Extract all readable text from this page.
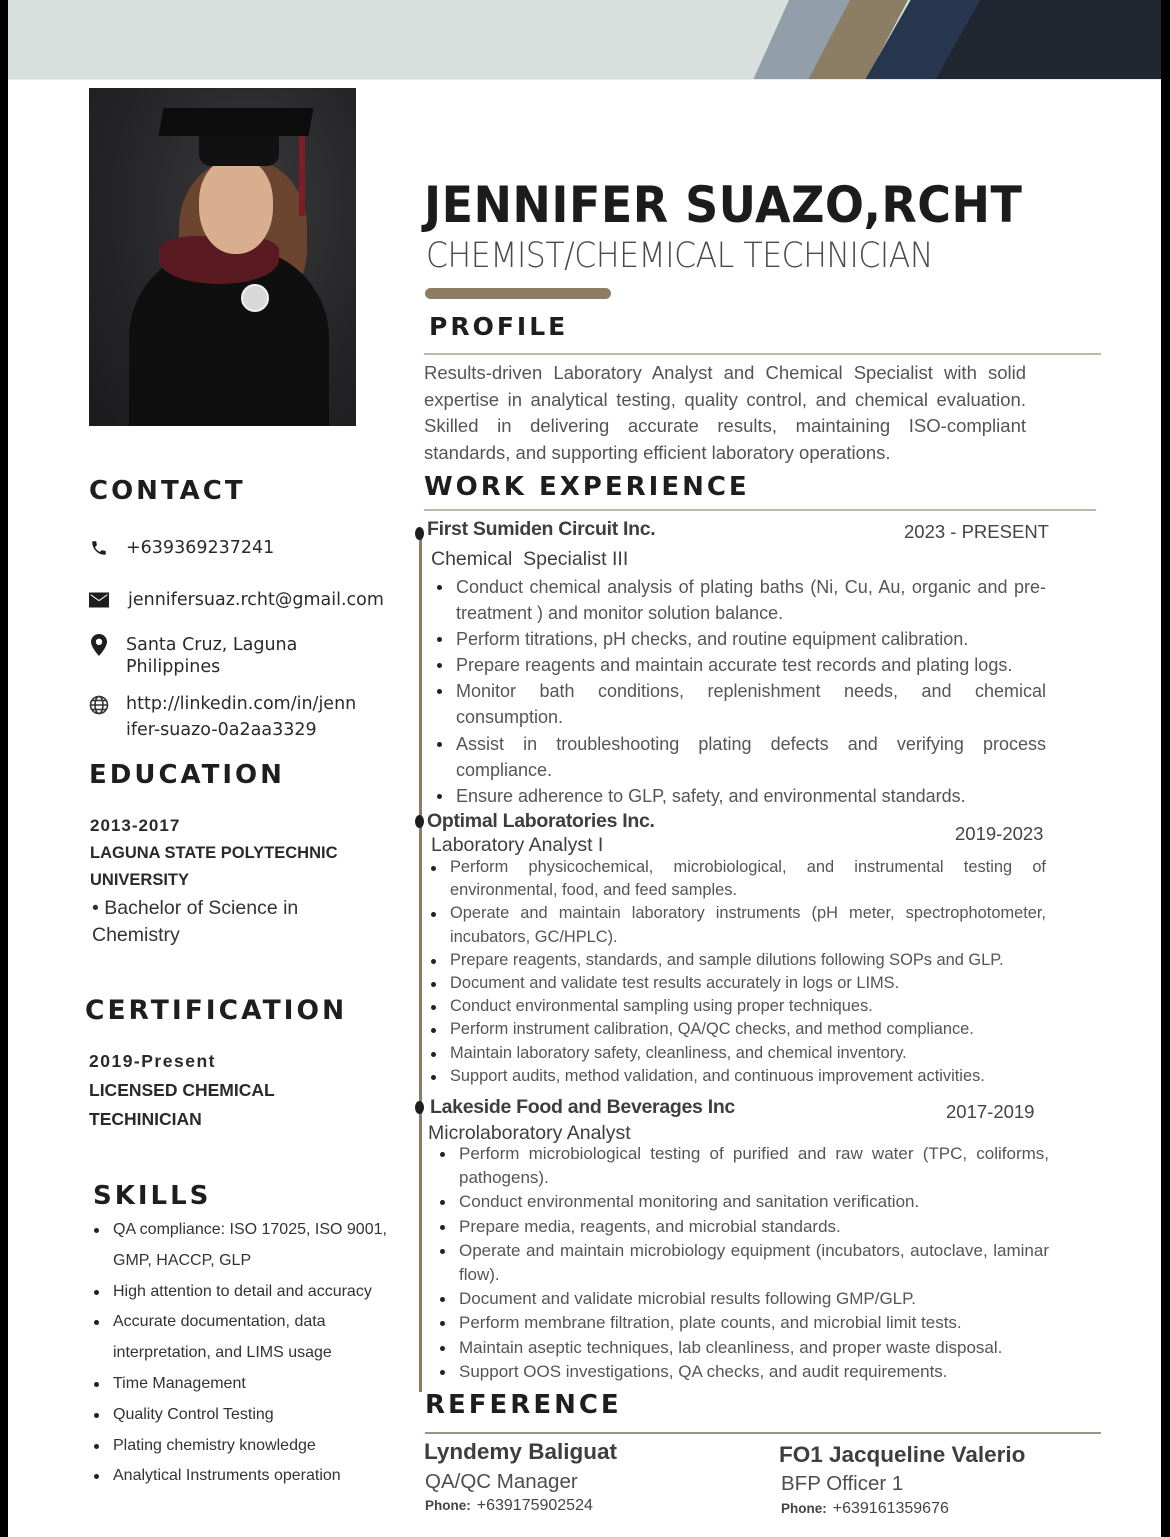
JENNIFER SUAZO,RCHT
CHEMIST/CHEMICAL TECHNICIAN
PROFILE
Results-driven Laboratory Analyst and Chemical Specialist with solid expertise in analytical testing, quality control, and chemical evaluation. Skilled in delivering accurate results, maintaining ISO-compliant standards, and supporting efficient laboratory operations.
CONTACT
+639369237241
jennifersuaz.rcht@gmail.com
Santa Cruz, Laguna
Philippines
http://linkedin.com/in/jenn
ifer-suazo-0a2aa3329
EDUCATION
2013-2017
LAGUNA STATE POLYTECHNIC UNIVERSITY
• Bachelor of Science in Chemistry
CERTIFICATION
2019-Present
LICENSED CHEMICAL TECHINICIAN
SKILLS
QA compliance: ISO 17025, ISO 9001, GMP, HACCP, GLP
High attention to detail and accuracy
Accurate documentation, data interpretation, and LIMS usage
Time Management
Quality Control Testing
Plating chemistry knowledge
Analytical Instruments operation
WORK EXPERIENCE
First Sumiden Circuit Inc.	2023 - PRESENT
Chemical  Specialist III
Conduct chemical analysis of plating baths (Ni, Cu, Au, organic and pre-treatment ) and monitor solution balance.
Perform titrations, pH checks, and routine equipment calibration.
Prepare reagents and maintain accurate test records and plating logs.
Monitor bath conditions, replenishment needs, and chemical consumption.
Assist in troubleshooting plating defects and verifying process compliance.
Ensure adherence to GLP, safety, and environmental standards.
Optimal Laboratories Inc.
2019-2023
Laboratory Analyst I
Perform physicochemical, microbiological, and instrumental testing of environmental, food, and feed samples.
Operate and maintain laboratory instruments (pH meter, spectrophotometer, incubators, GC/HPLC).
Prepare reagents, standards, and sample dilutions following SOPs and GLP.
Document and validate test results accurately in logs or LIMS.
Conduct environmental sampling using proper techniques.
Perform instrument calibration, QA/QC checks, and method compliance.
Maintain laboratory safety, cleanliness, and chemical inventory.
Support audits, method validation, and continuous improvement activities.
Lakeside Food and Beverages Inc	2017-2019
Microlaboratory Analyst
Perform microbiological testing of purified and raw water (TPC, coliforms, pathogens).
Conduct environmental monitoring and sanitation verification.
Prepare media, reagents, and microbial standards.
Operate and maintain microbiology equipment (incubators, autoclave, laminar flow).
Document and validate microbial results following GMP/GLP.
Perform membrane filtration, plate counts, and microbial limit tests.
Maintain aseptic techniques, lab cleanliness, and proper waste disposal.
Support OOS investigations, QA checks, and audit requirements.
REFERENCE
Lyndemy Baliguat
QA/QC Manager
Phone: +639175902524
FO1 Jacqueline Valerio
BFP Officer 1
Phone: +639161359676
